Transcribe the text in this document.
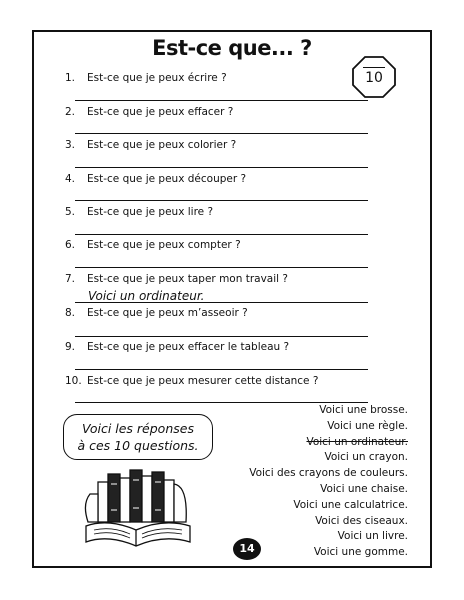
Est-ce que... ?
10
1. Est-ce que je peux écrire ?
2. Est-ce que je peux effacer ?
3. Est-ce que je peux colorier ?
4. Est-ce que je peux découper ?
5. Est-ce que je peux lire ?
6. Est-ce que je peux compter ?
7. Est-ce que je peux taper mon travail ?
Voici un ordinateur.
8. Est-ce que je peux m’asseoir ?
9. Est-ce que je peux effacer le tableau ?
10. Est-ce que je peux mesurer cette distance ?
Voici les réponses
à ces 10 questions.
Voici une brosse.
Voici une règle.
Voici un ordinateur.
Voici un crayon.
Voici des crayons de couleurs.
Voici une chaise.
Voici une calculatrice.
Voici des ciseaux.
Voici un livre.
Voici une gomme.
14
